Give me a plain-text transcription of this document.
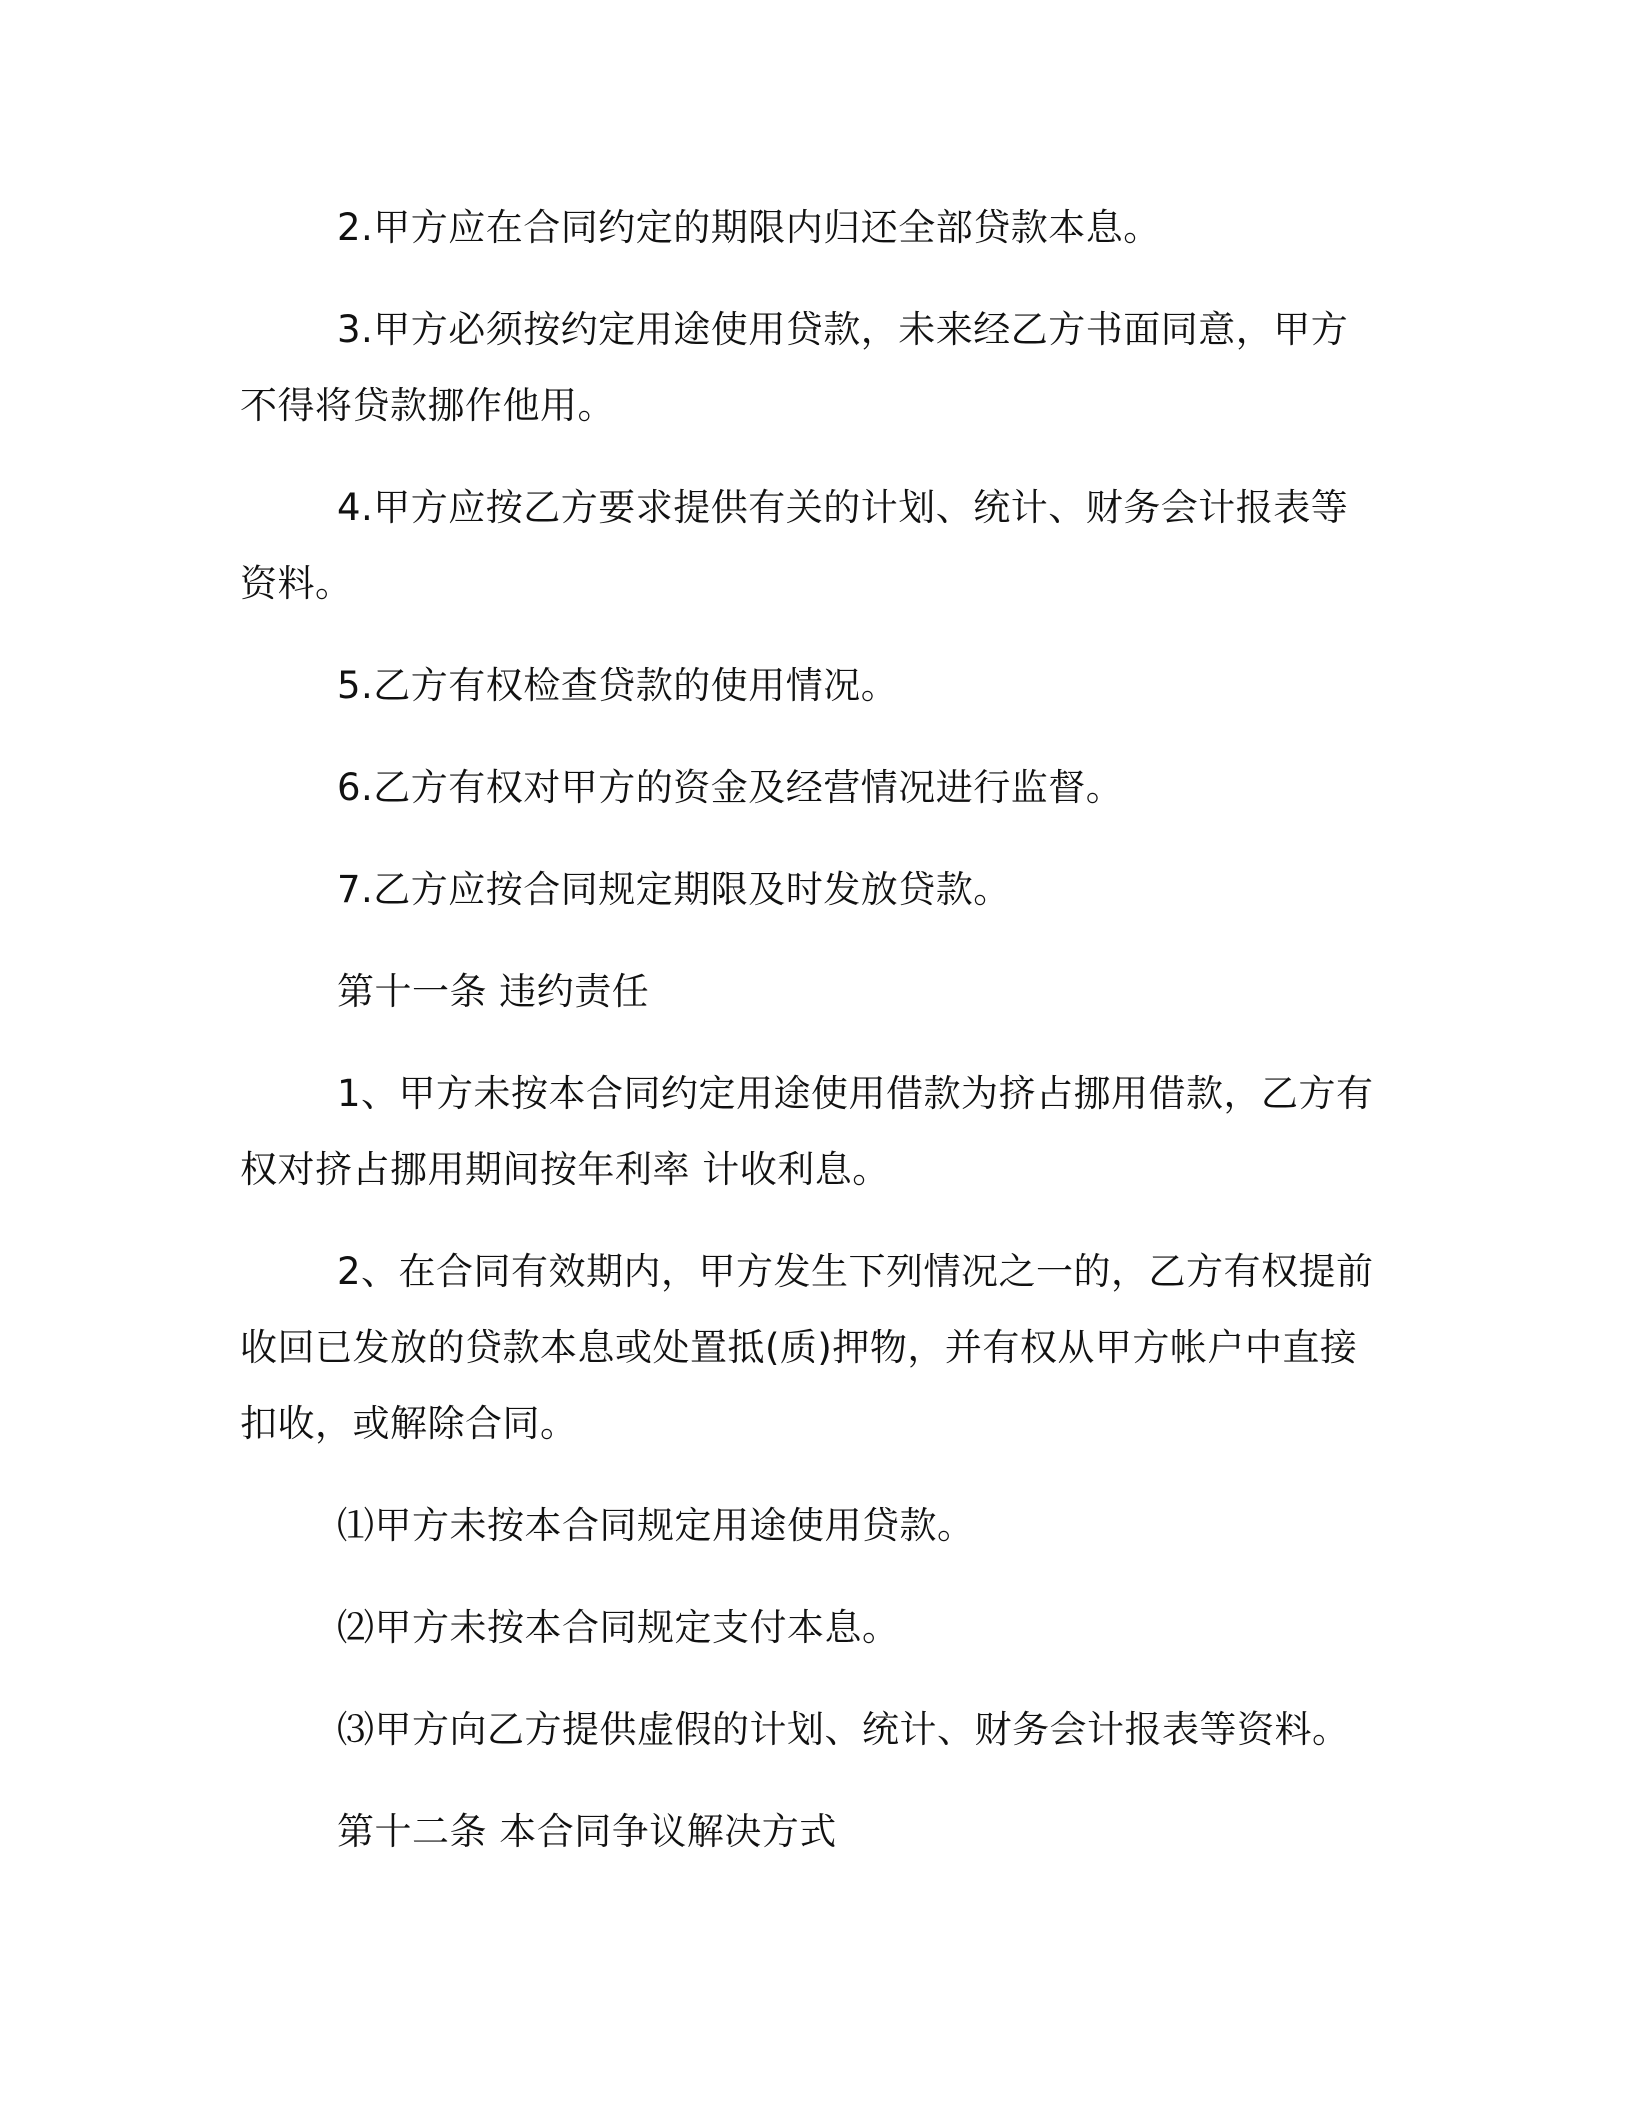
2.甲方应在合同约定的期限内归还全部贷款本息。

3.甲方必须按约定用途使用贷款，未来经乙方书面同意，甲方不得将贷款挪作他用。

4.甲方应按乙方要求提供有关的计划、统计、财务会计报表等资料。

5.乙方有权检查贷款的使用情况。

6.乙方有权对甲方的资金及经营情况进行监督。

7.乙方应按合同规定期限及时发放贷款。

第十一条 违约责任

1、甲方未按本合同约定用途使用借款为挤占挪用借款，乙方有权对挤占挪用期间按年利率 计收利息。

2、在合同有效期内，甲方发生下列情况之一的，乙方有权提前收回已发放的贷款本息或处置抵(质)押物，并有权从甲方帐户中直接扣收，或解除合同。

⑴甲方未按本合同规定用途使用贷款。

⑵甲方未按本合同规定支付本息。

⑶甲方向乙方提供虚假的计划、统计、财务会计报表等资料。

第十二条 本合同争议解决方式
